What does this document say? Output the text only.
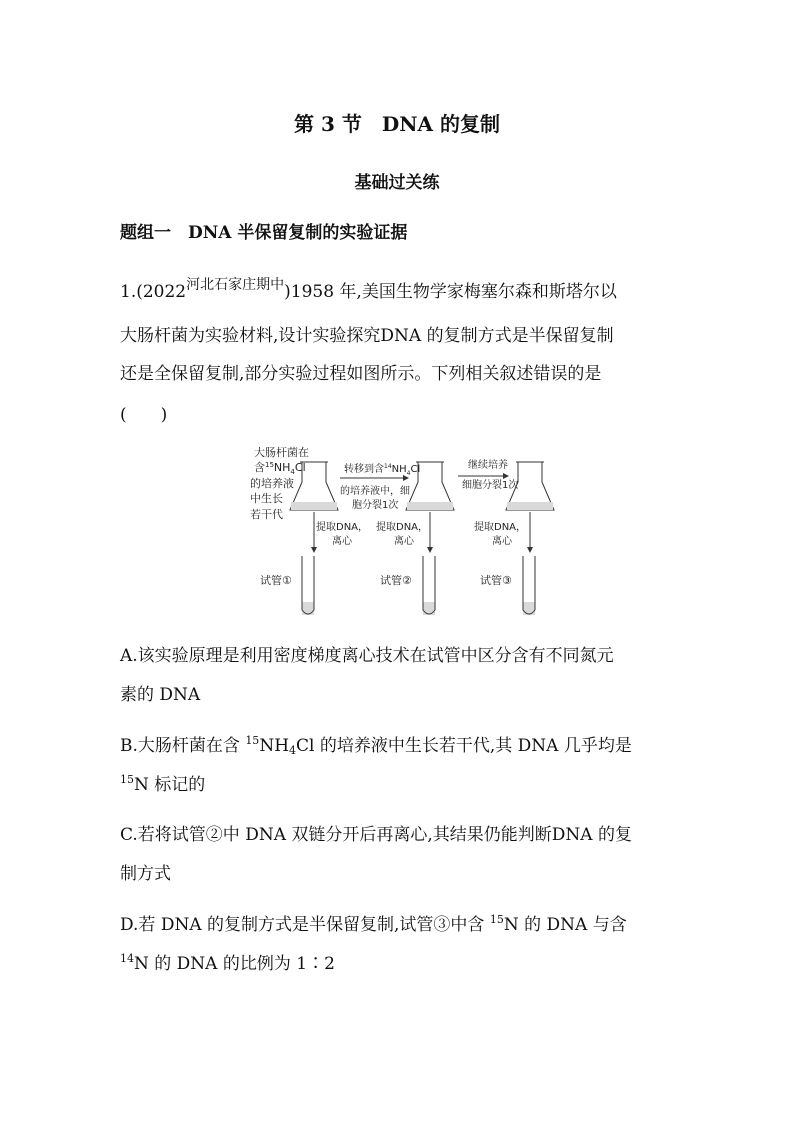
第 3 节　DNA 的复制
基础过关练
题组一　DNA 半保留复制的实验证据
$1.(2022^{河北石家庄期中})1958$ 年,美国生物学家梅塞尔森和斯塔尔以
大肠杆菌为实验材料,设计实验探究DNA 的复制方式是半保留复制
还是全保留复制,部分实验过程如图所示。下列相关叙述错误的是
(　　)
大肠杆菌在
含$^{15}NH_4Cl$
的培养液
中生长
若干代
转移到含$^{14}NH_4Cl$
的培养液中，细
胞分裂1次
继续培养
细胞分裂1次
提取DNA，
离心
提取DNA，
离心
提取DNA，
离心
试管①	试管②	试管③
A.该实验原理是利用密度梯度离心技术在试管中区分含有不同氮元
素的 DNA
B.大肠杆菌在含 $^{15}NH_4Cl$ 的培养液中生长若干代,其 DNA 几乎均是
$^{15}$N 标记的
C.若将试管②中 DNA 双链分开后再离心,其结果仍能判断DNA 的复
制方式
D.若 DNA 的复制方式是半保留复制,试管③中含 $^{15}$N 的 DNA 与含
$^{14}$N 的 DNA 的比例为 1∶2
